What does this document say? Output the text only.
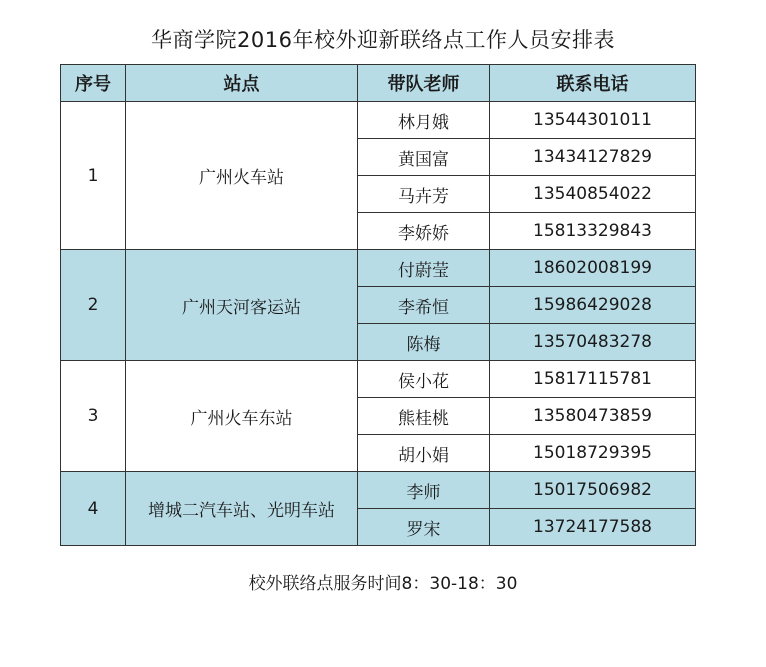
华商学院2016年校外迎新联络点工作人员安排表
序号	站点	带队老师	联系电话
1	广州火车站	林月娥	13544301011
		黄国富	13434127829
		马卉芳	13540854022
		李娇娇	15813329843
2	广州天河客运站	付蔚莹	18602008199
		李希恒	15986429028
		陈梅	13570483278
3	广州火车东站	侯小花	15817115781
		熊桂桃	13580473859
		胡小娟	15018729395
4	增城二汽车站、光明车站	李师	15017506982
		罗宋	13724177588
校外联络点服务时间8：30-18：30
